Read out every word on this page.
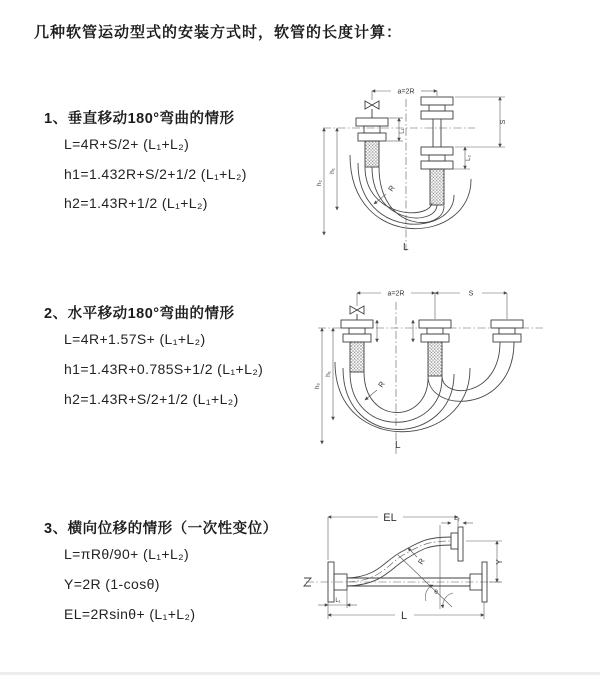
几种软管运动型式的安装方式时，软管的长度计算：
1、垂直移动180°弯曲的情形
L=4R+S/2+ (L₁+L₂)
h1=1.432R+S/2+1/2 (L₁+L₂)
h2=1.43R+1/2 (L₁+L₂)
2、水平移动180°弯曲的情形
L=4R+1.57S+ (L₁+L₂)
h1=1.43R+0.785S+1/2 (L₁+L₂)
h2=1.43R+S/2+1/2 (L₁+L₂)
3、横向位移的情形（一次性变位）
L=πRθ/90+ (L₁+L₂)
Y=2R (1-cosθ)
EL=2Rsinθ+ (L₁+L₂)
a=2R
L₁
S
L₂
h₁
h₂
R
L
a=2R	S
h₁
h₂	R
L
EL	L₂
Y
θ
R
L₁
L
